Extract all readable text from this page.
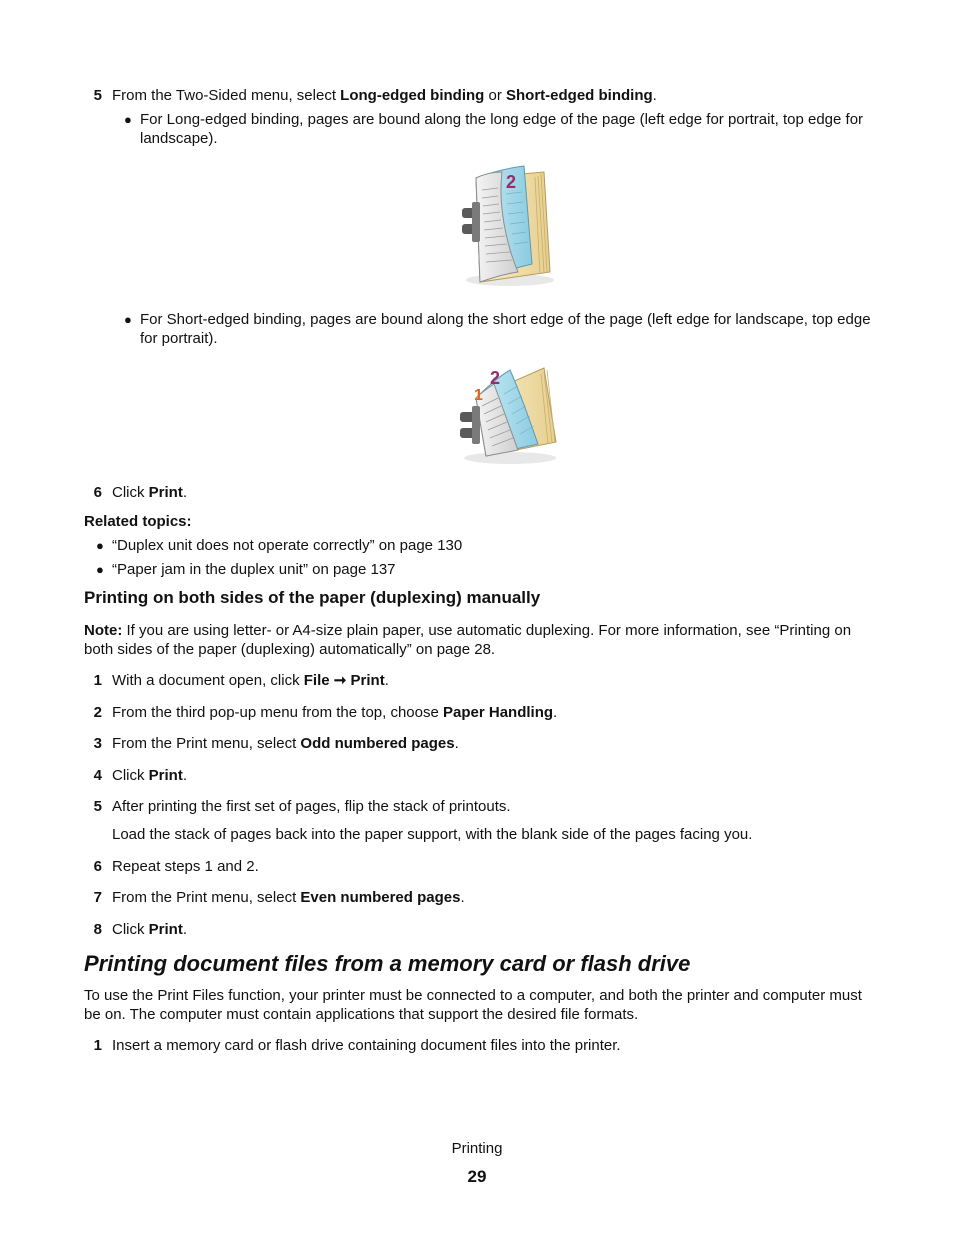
5 From the Two-Sided menu, select Long-edged binding or Short-edged binding.
● For Long-edged binding, pages are bound along the long edge of the page (left edge for portrait, top edge for landscape).
2
● For Short-edged binding, pages are bound along the short edge of the page (left edge for landscape, top edge for portrait).
1
2
6 Click Print.
Related topics:
● “Duplex unit does not operate correctly” on page 130
● “Paper jam in the duplex unit” on page 137
Printing on both sides of the paper (duplexing) manually
Note: If you are using letter- or A4-size plain paper, use automatic duplexing. For more information, see “Printing on both sides of the paper (duplexing) automatically” on page 28.
1 With a document open, click File ➞ Print.
2 From the third pop-up menu from the top, choose Paper Handling.
3 From the Print menu, select Odd numbered pages.
4 Click Print.
5 After printing the first set of pages, flip the stack of printouts.
Load the stack of pages back into the paper support, with the blank side of the pages facing you.
6 Repeat steps 1 and 2.
7 From the Print menu, select Even numbered pages.
8 Click Print.
Printing document files from a memory card or flash drive
To use the Print Files function, your printer must be connected to a computer, and both the printer and computer must be on. The computer must contain applications that support the desired file formats.
1 Insert a memory card or flash drive containing document files into the printer.
Printing
29
